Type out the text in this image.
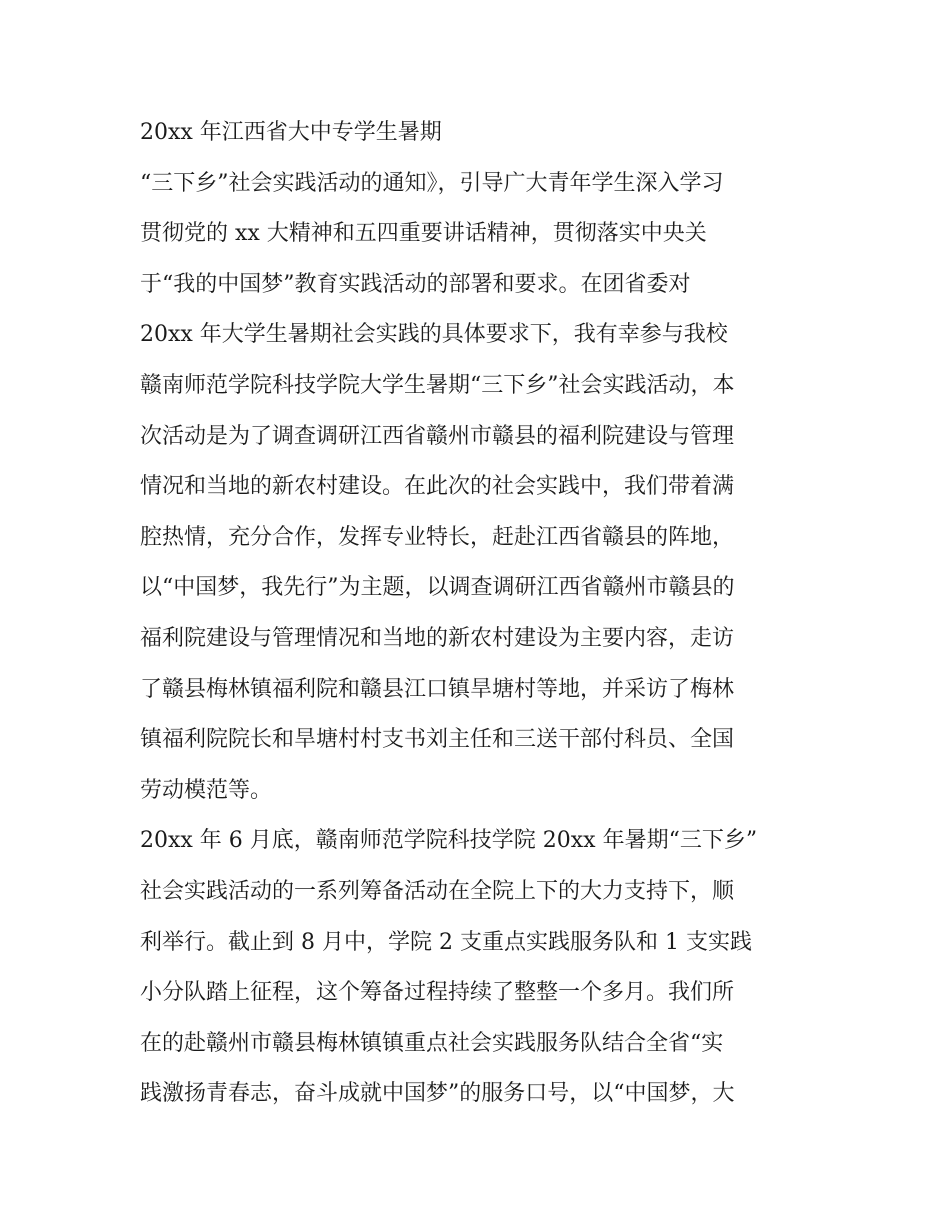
20xx 年江西省大中专学生暑期
“三下乡”社会实践活动的通知》，引导广大青年学生深入学习
贯彻党的 xx 大精神和五四重要讲话精神，贯彻落实中央关
于“我的中国梦”教育实践活动的部署和要求。在团省委对
20xx 年大学生暑期社会实践的具体要求下，我有幸参与我校
赣南师范学院科技学院大学生暑期“三下乡”社会实践活动，本
次活动是为了调查调研江西省赣州市赣县的福利院建设与管理
情况和当地的新农村建设。在此次的社会实践中，我们带着满
腔热情，充分合作，发挥专业特长，赶赴江西省赣县的阵地，
以“中国梦，我先行”为主题，以调查调研江西省赣州市赣县的
福利院建设与管理情况和当地的新农村建设为主要内容，走访
了赣县梅林镇福利院和赣县江口镇旱塘村等地，并采访了梅林
镇福利院院长和旱塘村村支书刘主任和三送干部付科员、全国
劳动模范等。
20xx 年 6 月底，赣南师范学院科技学院 20xx 年暑期“三下乡”
社会实践活动的一系列筹备活动在全院上下的大力支持下，顺
利举行。截止到 8 月中，学院 2 支重点实践服务队和 1 支实践
小分队踏上征程，这个筹备过程持续了整整一个多月。我们所
在的赴赣州市赣县梅林镇镇重点社会实践服务队结合全省“实
践激扬青春志，奋斗成就中国梦”的服务口号，以“中国梦，大
